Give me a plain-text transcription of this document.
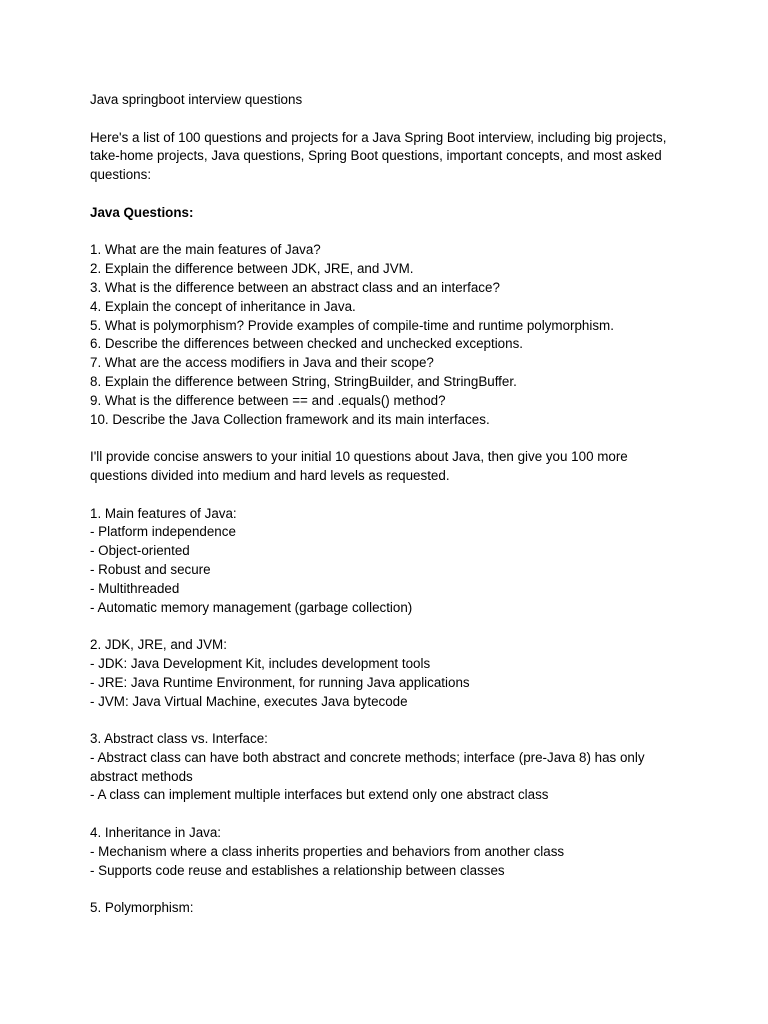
Java springboot interview questions
Here's a list of 100 questions and projects for a Java Spring Boot interview, including big projects, take-home projects, Java questions, Spring Boot questions, important concepts, and most asked questions:
Java Questions:
1. What are the main features of Java?
2. Explain the difference between JDK, JRE, and JVM.
3. What is the difference between an abstract class and an interface?
4. Explain the concept of inheritance in Java.
5. What is polymorphism? Provide examples of compile-time and runtime polymorphism.
6. Describe the differences between checked and unchecked exceptions.
7. What are the access modifiers in Java and their scope?
8. Explain the difference between String, StringBuilder, and StringBuffer.
9. What is the difference between == and .equals() method?
10. Describe the Java Collection framework and its main interfaces.
I'll provide concise answers to your initial 10 questions about Java, then give you 100 more questions divided into medium and hard levels as requested.
1. Main features of Java:
- Platform independence
- Object-oriented
- Robust and secure
- Multithreaded
- Automatic memory management (garbage collection)
2. JDK, JRE, and JVM:
- JDK: Java Development Kit, includes development tools
- JRE: Java Runtime Environment, for running Java applications
- JVM: Java Virtual Machine, executes Java bytecode
3. Abstract class vs. Interface:
- Abstract class can have both abstract and concrete methods; interface (pre-Java 8) has only abstract methods
- A class can implement multiple interfaces but extend only one abstract class
4. Inheritance in Java:
- Mechanism where a class inherits properties and behaviors from another class
- Supports code reuse and establishes a relationship between classes
5. Polymorphism:
